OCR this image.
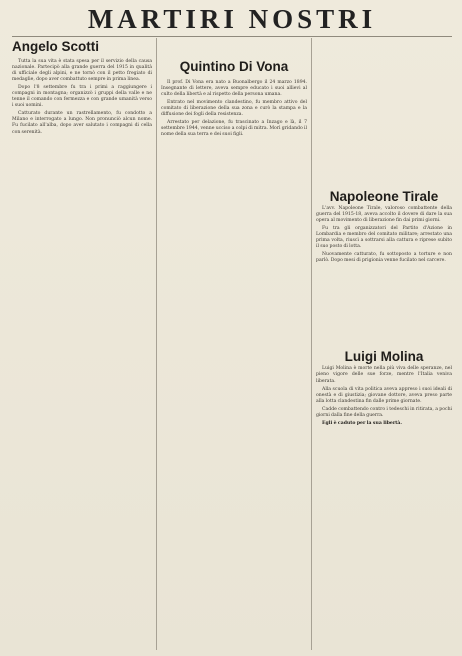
MARTIRI NOSTRI
Angelo Scotti

Tutta la sua vita è stata spesa per il servizio della causa nazionale. Partecipò alla grande guerra del 1915 in qualità di ufficiale degli alpini, e ne tornò con il petto fregiato di medaglie, dopo aver combattuto sempre in prima linea.

Dopo l'8 settembre fu tra i primi a raggiungere i compagni in montagna; organizzò i gruppi della valle e ne tenne il comando con fermezza e con grande umanità verso i suoi uomini.

Catturato durante un rastrellamento, fu condotto a Milano e interrogato a lungo. Non pronunciò alcun nome. Fu fucilato all'alba, dopo aver salutato i compagni di cella con serenità.

Quintino Di Vona

Il prof. Di Vona era nato a Buonalbergo il 24 marzo 1894. Insegnante di lettere, aveva sempre educato i suoi allievi al culto della libertà e al rispetto della persona umana.

Entrato nel movimento clandestino, fu membro attivo del comitato di liberazione della sua zona e curò la stampa e la diffusione dei fogli della resistenza.

Arrestato per delazione, fu trascinato a Inzago e là, il 7 settembre 1944, venne ucciso a colpi di mitra. Morì gridando il nome della sua terra e dei suoi figli.

Napoleone Tirale

L'avv. Napoleone Tirale, valoroso combattente della guerra del 1915-18, aveva accolto il dovere di dare la sua opera al movimento di liberazione fin dai primi giorni.

Fu tra gli organizzatori del Partito d'Azione in Lombardia e membro del comitato militare; arrestato una prima volta, riuscì a sottrarsi alla cattura e riprese subito il suo posto di lotta.

Nuovamente catturato, fu sottoposto a torture e non parlò. Dopo mesi di prigionia venne fucilato nel carcere.

Luigi Molina

Luigi Molina è morte nella più viva delle speranze, nel pieno vigore delle sue forze, mentre l'Italia veniva liberata.

Alla scuola di vita politica aveva appreso i suoi ideali di onestà e di giustizia; giovane dottore, aveva preso parte alla lotta clandestina fin dalle prime giornate.

Cadde combattendo contro i tedeschi in ritirata, a pochi giorni dalla fine della guerra.

Egli è caduto per la sua libertà.
